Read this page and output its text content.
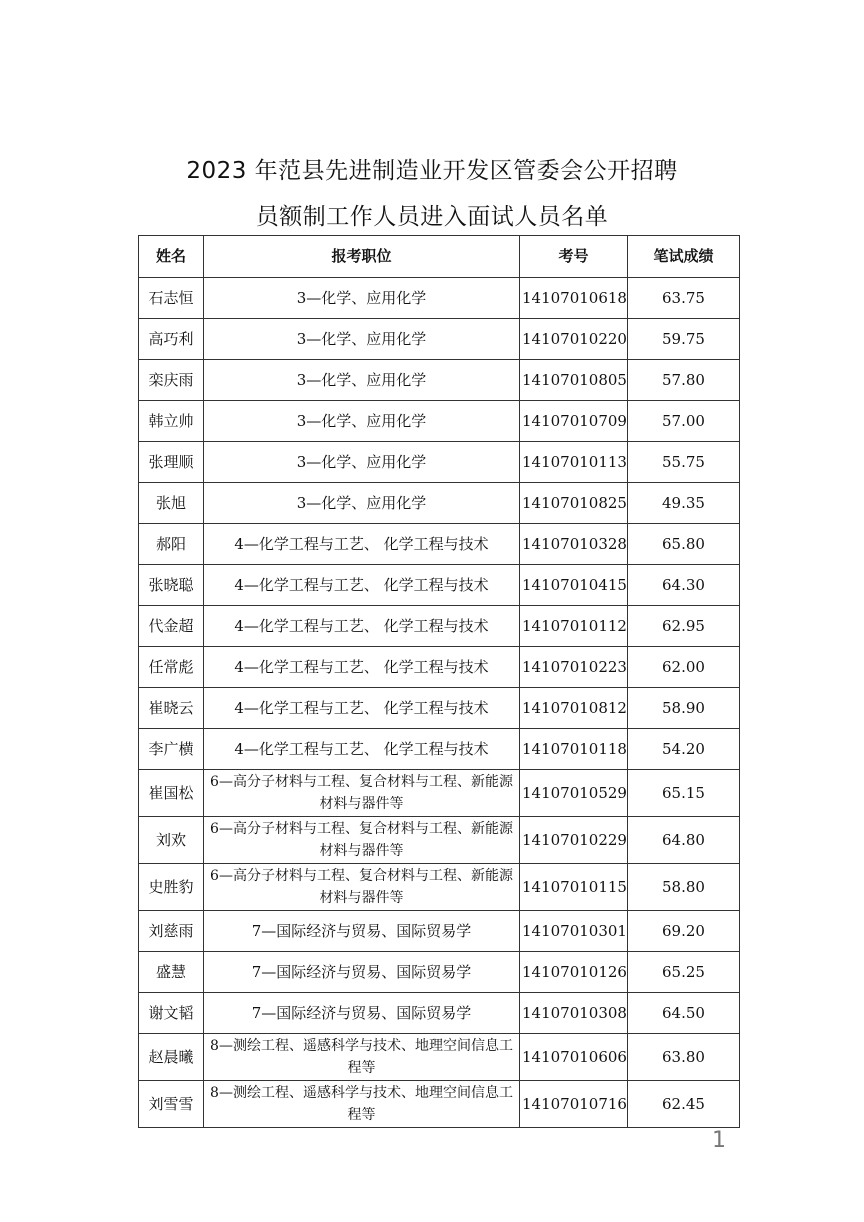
2023 年范县先进制造业开发区管委会公开招聘
员额制工作人员进入面试人员名单
姓名	报考职位	考号	笔试成绩
石志恒	3—化学、应用化学	14107010618	63.75
高巧利	3—化学、应用化学	14107010220	59.75
栾庆雨	3—化学、应用化学	14107010805	57.80
韩立帅	3—化学、应用化学	14107010709	57.00
张理顺	3—化学、应用化学	14107010113	55.75
张旭	3—化学、应用化学	14107010825	49.35
郝阳	4—化学工程与工艺、 化学工程与技术	14107010328	65.80
张晓聪	4—化学工程与工艺、 化学工程与技术	14107010415	64.30
代金超	4—化学工程与工艺、 化学工程与技术	14107010112	62.95
任常彪	4—化学工程与工艺、 化学工程与技术	14107010223	62.00
崔晓云	4—化学工程与工艺、 化学工程与技术	14107010812	58.90
李广横	4—化学工程与工艺、 化学工程与技术	14107010118	54.20
崔国松	6—高分子材料与工程、复合材料与工程、新能源材料与器件等	14107010529	65.15
刘欢	6—高分子材料与工程、复合材料与工程、新能源材料与器件等	14107010229	64.80
史胜豹	6—高分子材料与工程、复合材料与工程、新能源材料与器件等	14107010115	58.80
刘慈雨	7—国际经济与贸易、国际贸易学	14107010301	69.20
盛慧	7—国际经济与贸易、国际贸易学	14107010126	65.25
谢文韬	7—国际经济与贸易、国际贸易学	14107010308	64.50
赵晨曦	8—测绘工程、遥感科学与技术、地理空间信息工程等	14107010606	63.80
刘雪雪	8—测绘工程、遥感科学与技术、地理空间信息工程等	14107010716	62.45
1
